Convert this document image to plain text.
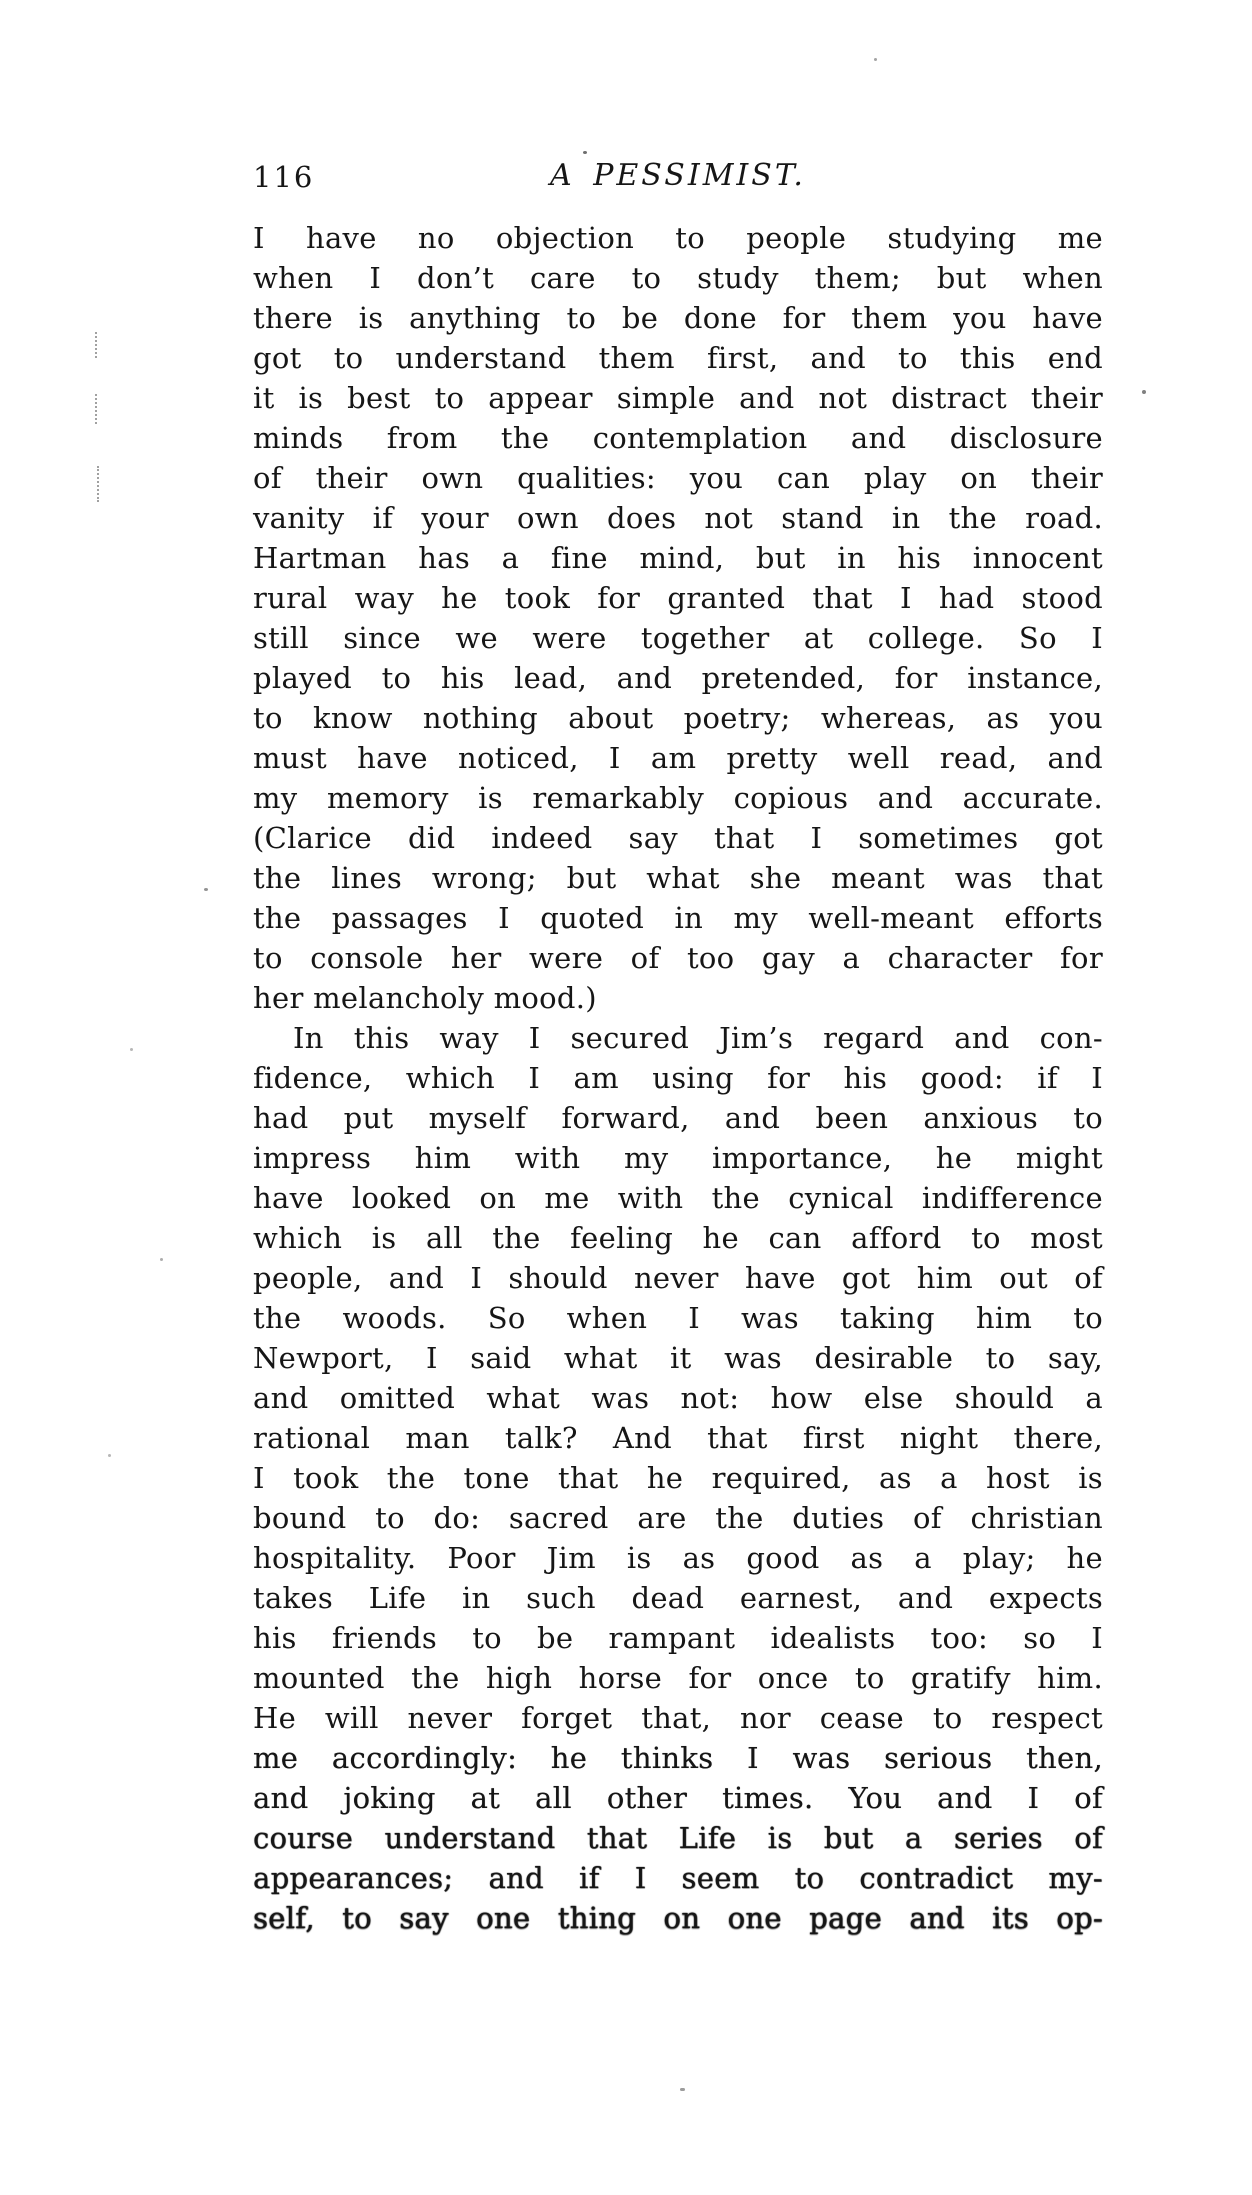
116	A PESSIMIST.
I have no objection to people studying me
when I don’t care to study them; but when
there is anything to be done for them you have
got to understand them first, and to this end
it is best to appear simple and not distract their
minds from the contemplation and disclosure
of their own qualities: you can play on their
vanity if your own does not stand in the road.
Hartman has a fine mind, but in his innocent
rural way he took for granted that I had stood
still since we were together at college. So I
played to his lead, and pretended, for instance,
to know nothing about poetry; whereas, as you
must have noticed, I am pretty well read, and
my memory is remarkably copious and accurate.
(Clarice did indeed say that I sometimes got
the lines wrong; but what she meant was that
the passages I quoted in my well-meant efforts
to console her were of too gay a character for
her melancholy mood.)
In this way I secured Jim’s regard and con-
fidence, which I am using for his good: if I
had put myself forward, and been anxious to
impress him with my importance, he might
have looked on me with the cynical indifference
which is all the feeling he can afford to most
people, and I should never have got him out of
the woods. So when I was taking him to
Newport, I said what it was desirable to say,
and omitted what was not: how else should a
rational man talk? And that first night there,
I took the tone that he required, as a host is
bound to do: sacred are the duties of christian
hospitality. Poor Jim is as good as a play; he
takes Life in such dead earnest, and expects
his friends to be rampant idealists too: so I
mounted the high horse for once to gratify him.
He will never forget that, nor cease to respect
me accordingly: he thinks I was serious then,
and joking at all other times. You and I of
course understand that Life is but a series of
appearances; and if I seem to contradict my-
self, to say one thing on one page and its op-
